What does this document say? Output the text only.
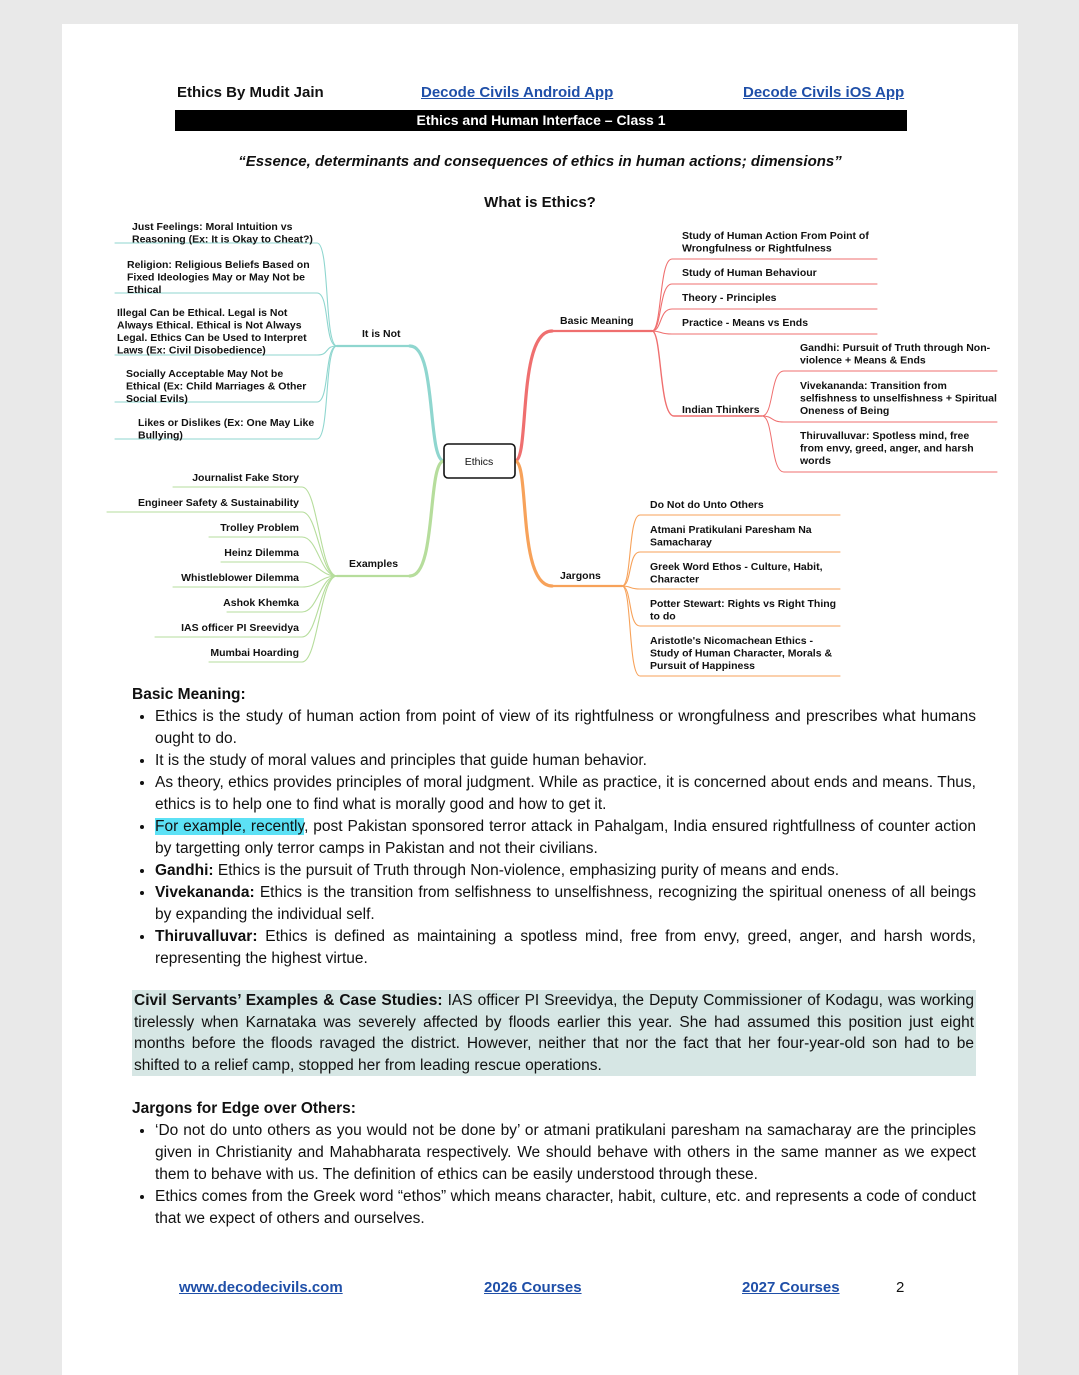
Ethics By Mudit Jain	Decode Civils Android App	Decode Civils iOS App
Ethics and Human Interface – Class 1
“Essence, determinants and consequences of ethics in human actions; dimensions”
What is Ethics?
It is Not
Just Feelings: Moral Intuition vs Reasoning (Ex: It is Okay to Cheat?)
Religion: Religious Beliefs Based on Fixed Ideologies May or May Not be Ethical
Illegal Can be Ethical. Legal is Not Always Ethical. Ethical is Not Always Legal. Ethics Can be Used to Interpret Laws (Ex: Civil Disobedience)
Socially Acceptable May Not be Ethical (Ex: Child Marriages & Other Social Evils)
Likes or Dislikes (Ex: One May Like Bullying)
Examples
Journalist Fake Story
Engineer Safety & Sustainability
Trolley Problem
Heinz Dilemma
Whistleblower Dilemma
Ashok Khemka
IAS officer PI Sreevidya
Mumbai Hoarding
Basic Meaning
Study of Human Action From Point of Wrongfulness or Rightfulness
Study of Human Behaviour
Theory - Principles
Practice - Means vs Ends
Indian Thinkers
Gandhi: Pursuit of Truth through Non-violence + Means & Ends
Vivekananda: Transition from selfishness to unselfishness + Spiritual Oneness of Being
Thiruvalluvar: Spotless mind, free from envy, greed, anger, and harsh words
Jargons
Do Not do Unto Others
Atmani Pratikulani Paresham Na Samacharay
Greek Word Ethos - Culture, Habit, Character
Potter Stewart: Rights vs Right Thing to do
Aristotle's Nicomachean Ethics -Study of Human Character, Morals & Pursuit of Happiness
Ethics
Basic Meaning:
• Ethics is the study of human action from point of view of its rightfulness or wrongfulness and prescribes what humans ought to do.
• It is the study of moral values and principles that guide human behavior.
• As theory, ethics provides principles of moral judgment. While as practice, it is concerned about ends and means. Thus, ethics is to help one to find what is morally good and how to get it.
• For example, recently, post Pakistan sponsored terror attack in Pahalgam, India ensured rightfullness of counter action by targetting only terror camps in Pakistan and not their civilians.
• Gandhi: Ethics is the pursuit of Truth through Non-violence, emphasizing purity of means and ends.
• Vivekananda: Ethics is the transition from selfishness to unselfishness, recognizing the spiritual oneness of all beings by expanding the individual self.
• Thiruvalluvar: Ethics is defined as maintaining a spotless mind, free from envy, greed, anger, and harsh words, representing the highest virtue.
Civil Servants’ Examples & Case Studies: IAS officer PI Sreevidya, the Deputy Commissioner of Kodagu, was working tirelessly when Karnataka was severely affected by floods earlier this year. She had assumed this position just eight months before the floods ravaged the district. However, neither that nor the fact that her four-year-old son had to be shifted to a relief camp, stopped her from leading rescue operations.
Jargons for Edge over Others:
• ‘Do not do unto others as you would not be done by’ or atmani pratikulani paresham na samacharay are the principles given in Christianity and Mahabharata respectively. We should behave with others in the same manner as we expect them to behave with us. The definition of ethics can be easily understood through these.
• Ethics comes from the Greek word “ethos” which means character, habit, culture, etc. and represents a code of conduct that we expect of others and ourselves.
www.decodecivils.com	2026 Courses	2027 Courses	2
